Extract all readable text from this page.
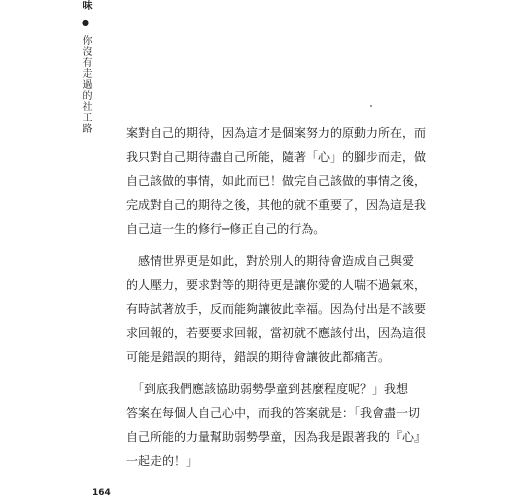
味 ● 你沒有走過的社工路	案對自己的期待，因為這才是個案努力的原動力所在，而
我只對自己期待盡自己所能，隨著「心」的腳步而走，做
自己該做的事情，如此而已！做完自己該做的事情之後，
完成對自己的期待之後，其他的就不重要了，因為這是我
自己這一生的修行─修正自己的行為。
　感情世界更是如此，對於別人的期待會造成自己與愛
的人壓力，要求對等的期待更是讓你愛的人喘不過氣來，
有時試著放手，反而能夠讓彼此幸福。因為付出是不該要
求回報的，若要要求回報，當初就不應該付出，因為這很
可能是錯誤的期待，錯誤的期待會讓彼此都痛苦。
　「到底我們應該協助弱勢學童到甚麼程度呢？」我想
答案在每個人自己心中，而我的答案就是：「我會盡一切
自己所能的力量幫助弱勢學童，因為我是跟著我的『心』
一起走的！」
164
